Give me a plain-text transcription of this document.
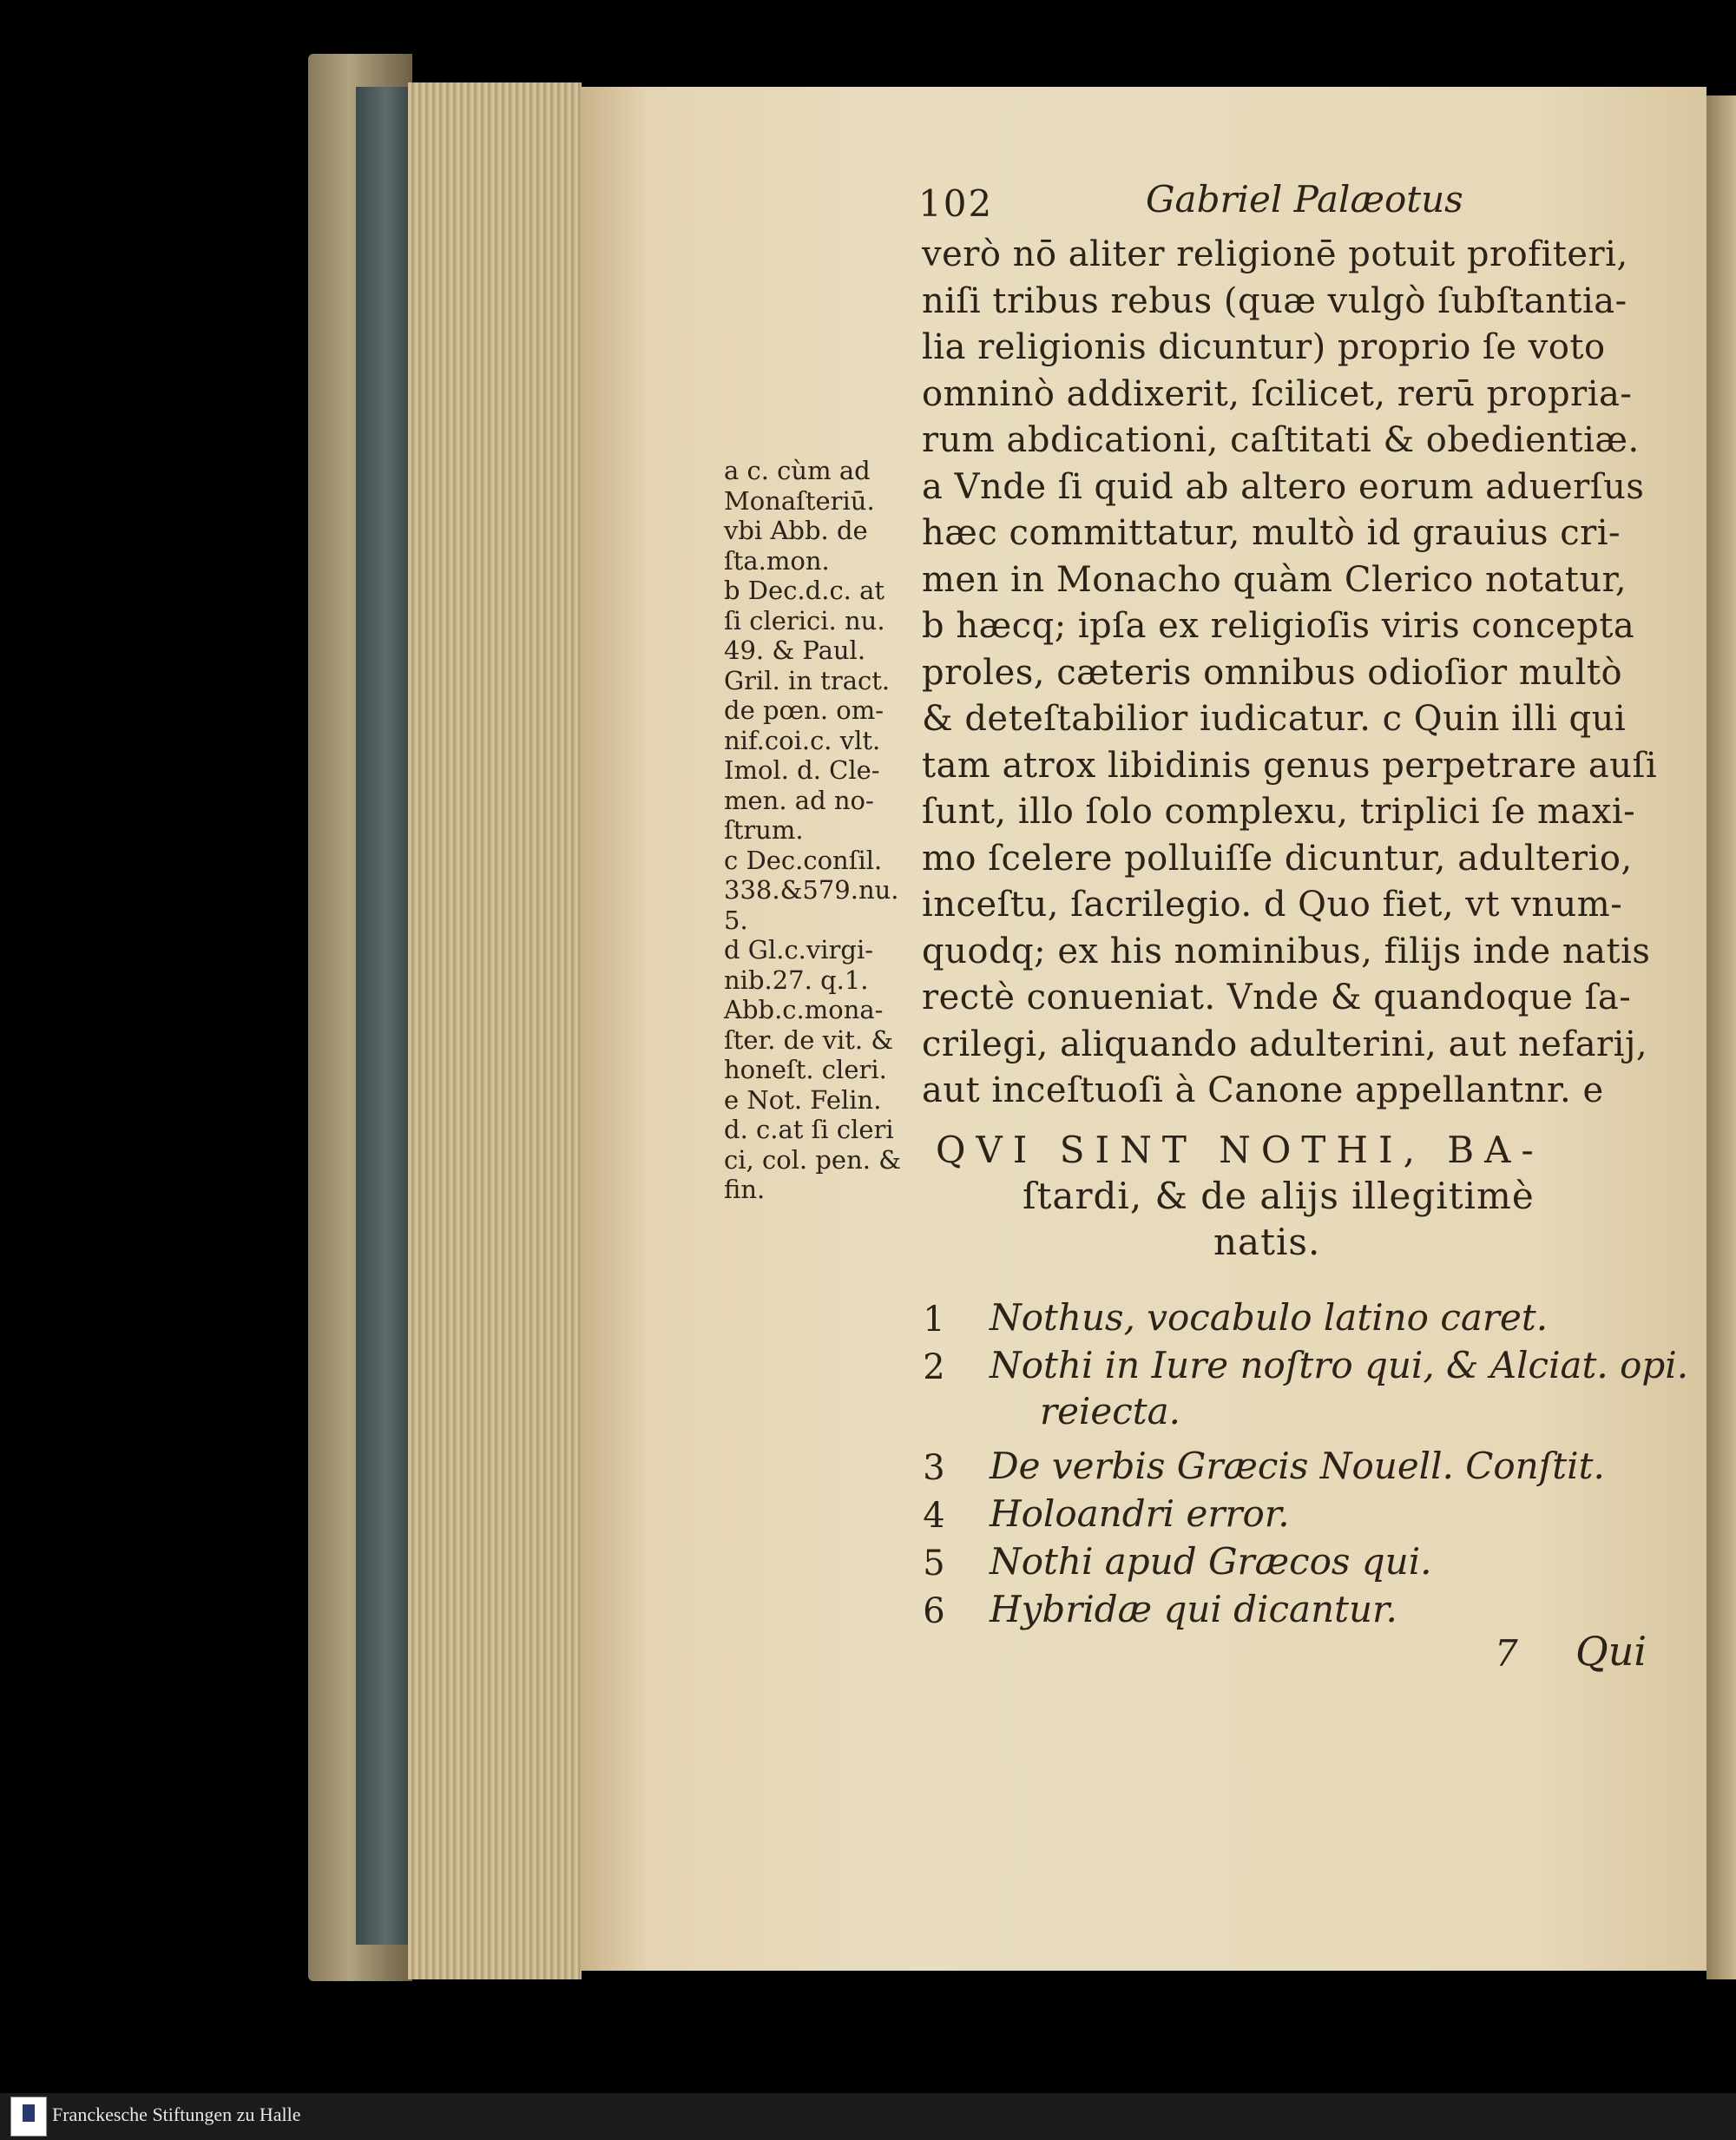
102	Gabriel Palæotus
verò nō aliter religionē potuit profiteri,
niſi tribus rebus (quæ vulgò ſubſtantia-
lia religionis dicuntur) proprio ſe voto
omninò addixerit, ſcilicet, rerū propria-
rum abdicationi, caſtitati & obedientiæ.
a Vnde ſi quid ab altero eorum aduerſus
hæc committatur, multò id grauius cri-
men in Monacho quàm Clerico notatur,
b hæcq; ipſa ex religioſis viris concepta
proles, cæteris omnibus odioſior multò
& deteſtabilior iudicatur. c Quin illi qui
tam atrox libidinis genus perpetrare auſi
ſunt, illo ſolo complexu, triplici ſe maxi-
mo ſcelere polluiſſe dicuntur, adulterio,
inceſtu, ſacrilegio. d Quo fiet, vt vnum-
quodq; ex his nominibus, filijs inde natis
rectè conueniat. Vnde & quandoque ſa-
crilegi, aliquando adulterini, aut nefarij,
aut inceſtuoſi à Canone appellantnr. e
a c. cùm ad
Monaſteriū.
vbi Abb. de
ſta.mon.
b Dec.d.c. at
ſi clerici. nu.
49. & Paul.
Gril. in tract.
de pœn. om-
nif.coi.c. vlt.
Imol. d. Cle-
men. ad no-
ſtrum.
c Dec.conſil.
338.&579.nu.
5.
d Gl.c.virgi-
nib.27. q.1.
Abb.c.mona-
ſter. de vit. &
honeſt. cleri.
e Not. Felin.
d. c.at ſi cleri
ci, col. pen. &
fin.
QVI SINT NOTHI, BA-
ſtardi, & de alijs illegitimè
natis.
1 Nothus, vocabulo latino caret.
2 Nothi in Iure noſtro qui, & Alciat. opi.
reiecta.
3 De verbis Græcis Nouell. Conſtit.
4 Holoandri error.
5 Nothi apud Græcos qui.
6 Hybridæ qui dicantur.
7 Qui
Franckesche Stiftungen zu Halle
